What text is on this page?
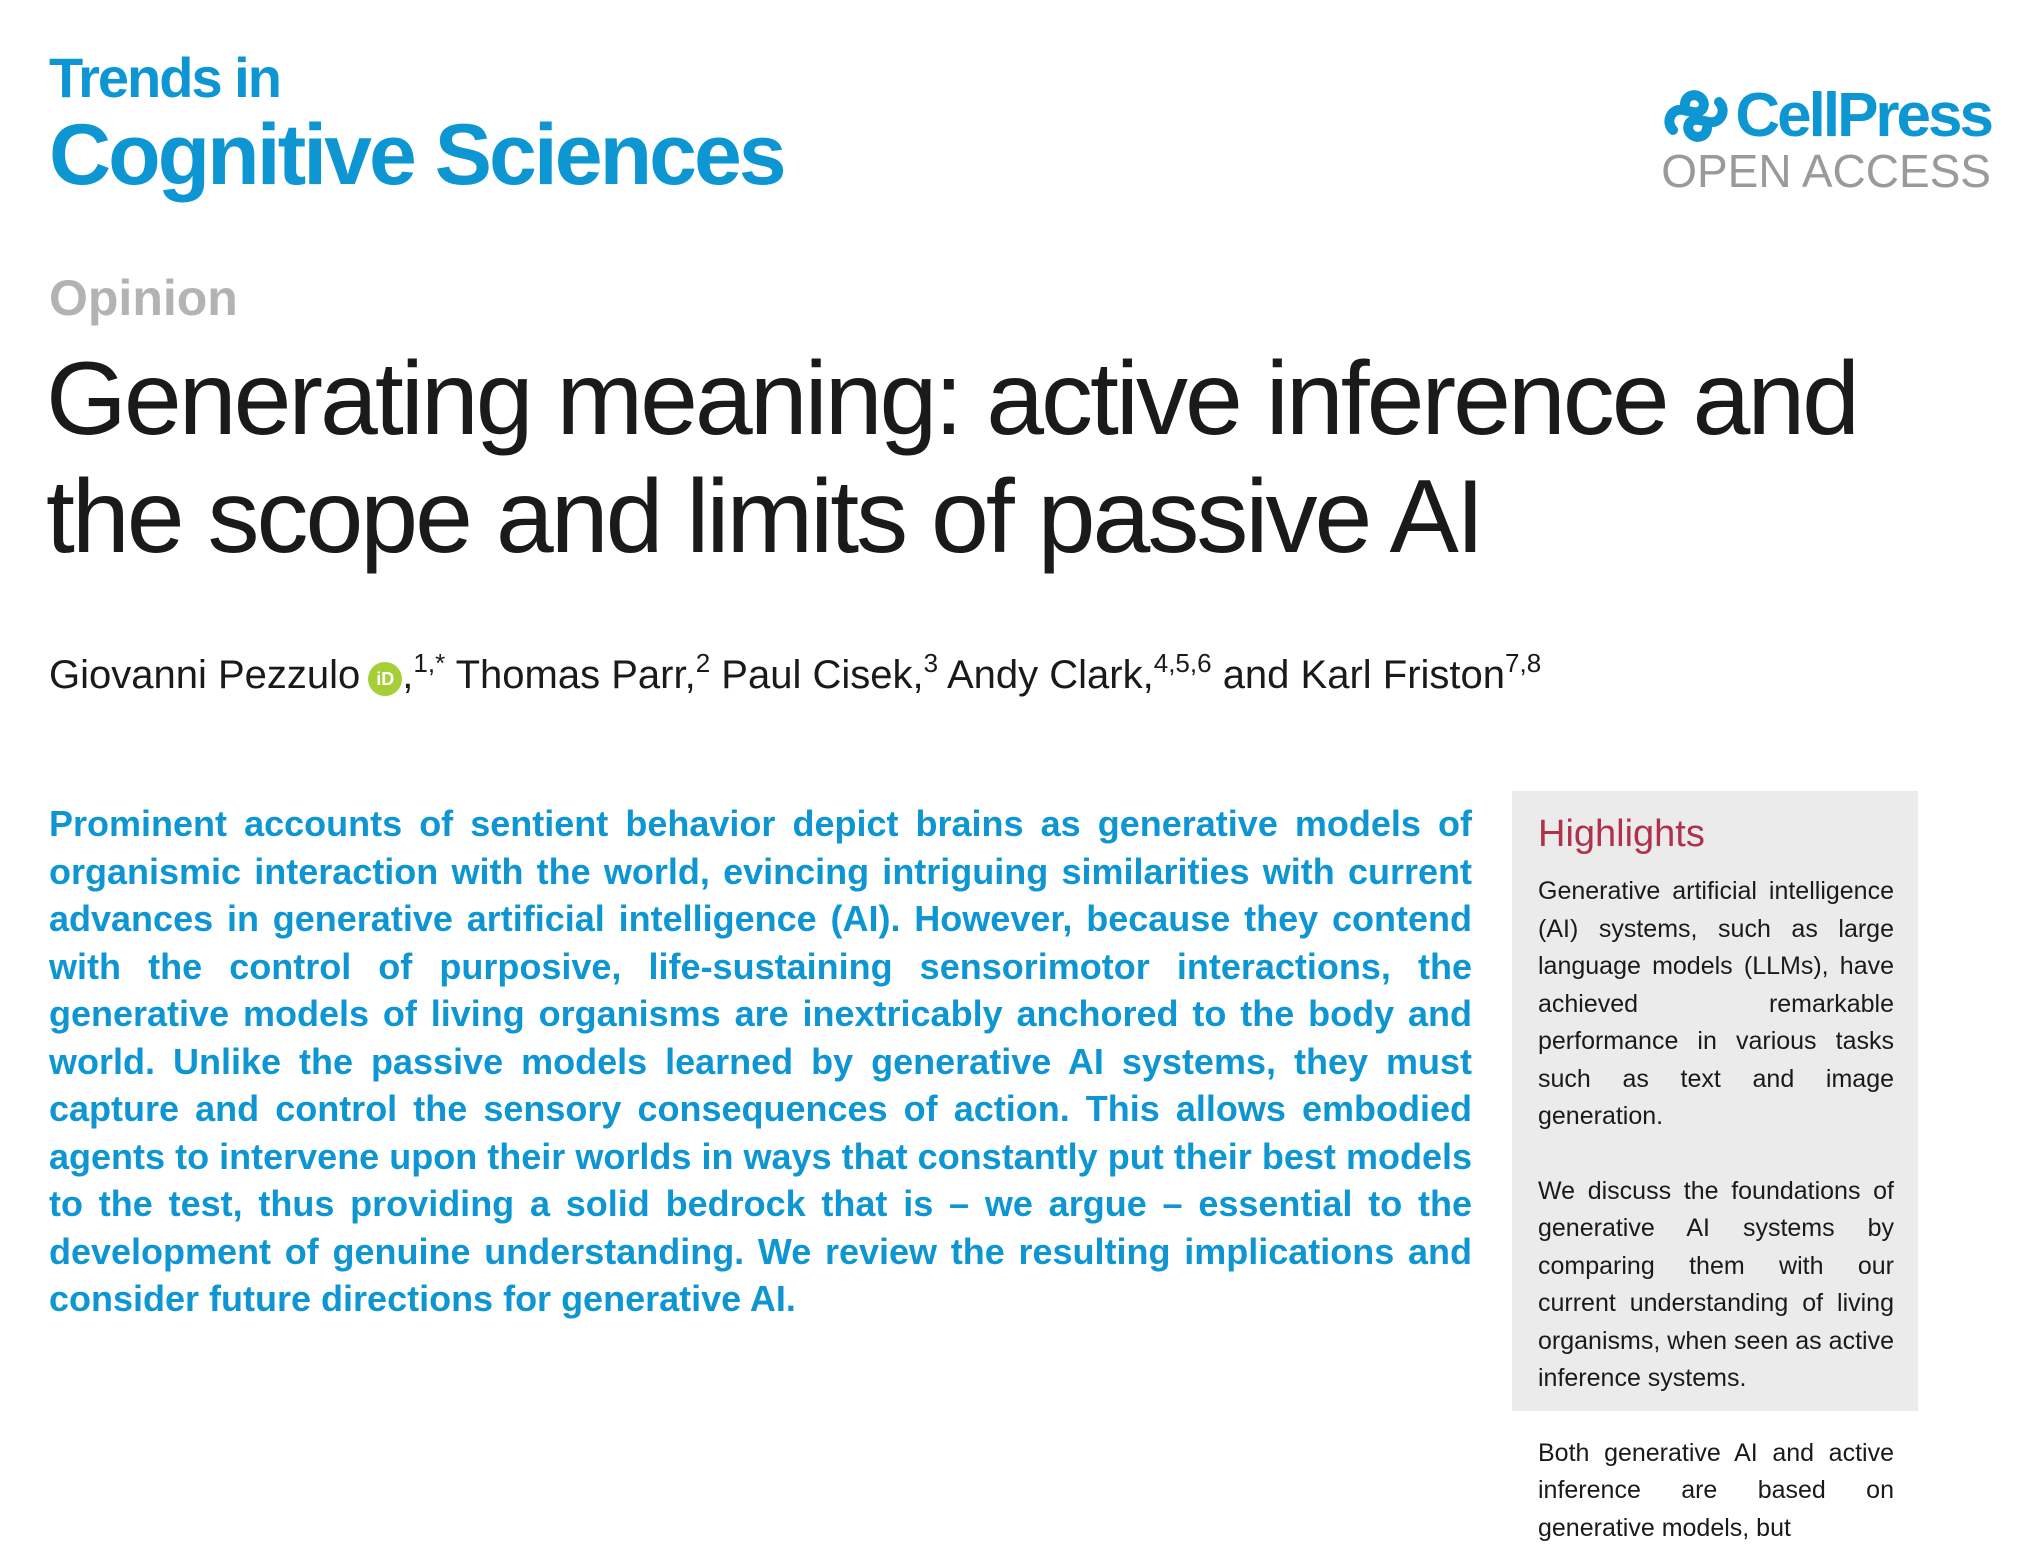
Trends in
Cognitive Sciences	CellPress
OPEN ACCESS
Opinion
Generating meaning: active inference and the scope and limits of passive AI
Giovanni Pezzulo iD ,$^{1,*}$ Thomas Parr,$^2$ Paul Cisek,$^3$ Andy Clark,$^{4,5,6}$ and Karl Friston$^{7,8}$
Prominent accounts of sentient behavior depict brains as generative models of organismic interaction with the world, evincing intriguing similarities with current advances in generative artificial intelligence (AI). However, because they contend with the control of purposive, life-sustaining sensorimotor interactions, the generative models of living organisms are inextricably anchored to the body and world. Unlike the passive models learned by generative AI systems, they must capture and control the sensory consequences of action. This allows embodied agents to intervene upon their worlds in ways that constantly put their best models to the test, thus providing a solid bedrock that is – we argue – essential to the development of genuine understanding. We review the resulting implications and consider future directions for generative AI.
Highlights

Generative artificial intelligence (AI) systems, such as large language models (LLMs), have achieved remarkable performance in various tasks such as text and image generation.

We discuss the foundations of generative AI systems by comparing them with our current understanding of living organisms, when seen as active inference systems.

Both generative AI and active inference are based on generative models, but
